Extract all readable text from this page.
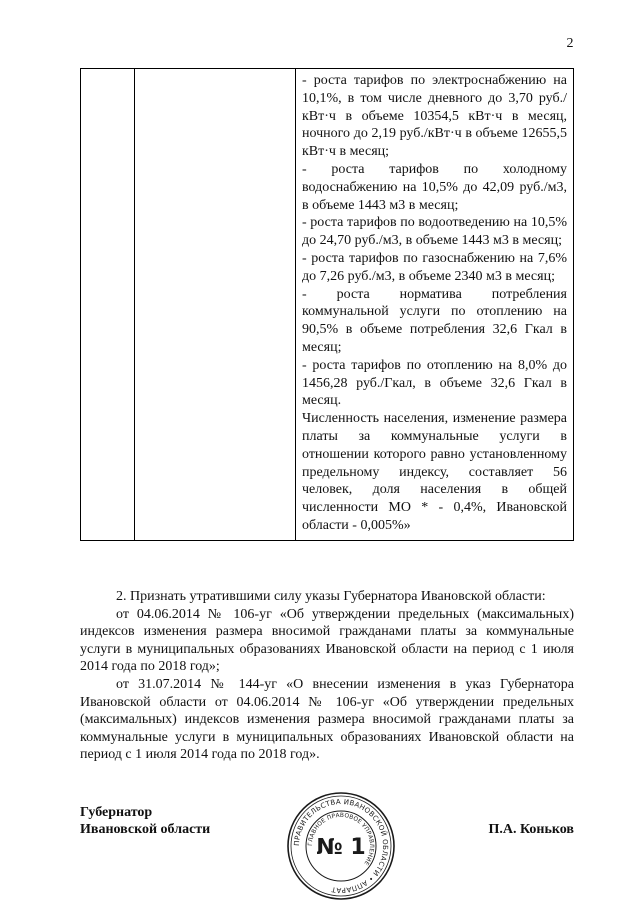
2

- роста тарифов по электроснабжению на 10,1%, в том числе дневного до 3,70 руб./кВт·ч в объеме 10354,5 кВт·ч в месяц, ночного до 2,19 руб./кВт·ч в объеме 12655,5 кВт·ч в месяц;

- роста тарифов по холодному водоснабжению на 10,5% до 42,09 руб./м3, в объеме 1443 м3 в месяц;

- роста тарифов по водоотведению на 10,5% до 24,70 руб./м3, в объеме 1443 м3 в месяц;

- роста тарифов по газоснабжению на 7,6% до 7,26 руб./м3, в объеме 2340 м3 в месяц;

- роста норматива потребления коммунальной услуги по отоплению на 90,5% в объеме потребления 32,6 Гкал в месяц;

- роста тарифов по отоплению на 8,0% до 1456,28 руб./Гкал, в объеме 32,6 Гкал в месяц.

Численность населения, изменение размера платы за коммунальные услуги в отношении которого равно установленному предельному индексу, составляет 56 человек, доля населения в общей численности МО * - 0,4%, Ивановской области - 0,005%»

2. Признать утратившими силу указы Губернатора Ивановской области:

от 04.06.2014 № 106-уг «Об утверждении предельных (максимальных) индексов изменения размера вносимой гражданами платы за коммунальные услуги в муниципальных образованиях Ивановской области на период с 1 июля 2014 года по 2018 год»;

от 31.07.2014 № 144-уг «О внесении изменения в указ Губернатора Ивановской области от 04.06.2014 № 106-уг «Об утверждении предельных (максимальных) индексов изменения размера вносимой гражданами платы за коммунальные услуги в муниципальных образованиях Ивановской области на период с 1 июля 2014 года по 2018 год».

Губернатор

Ивановской области	П.А. Коньков
ПРАВИТЕЛЬСТВА ИВАНОВСКОЙ ОБЛАСТИ • АППАРАТ
ГЛАВНОЕ ПРАВОВОЕ УПРАВЛЕНИЕ
№ 1
